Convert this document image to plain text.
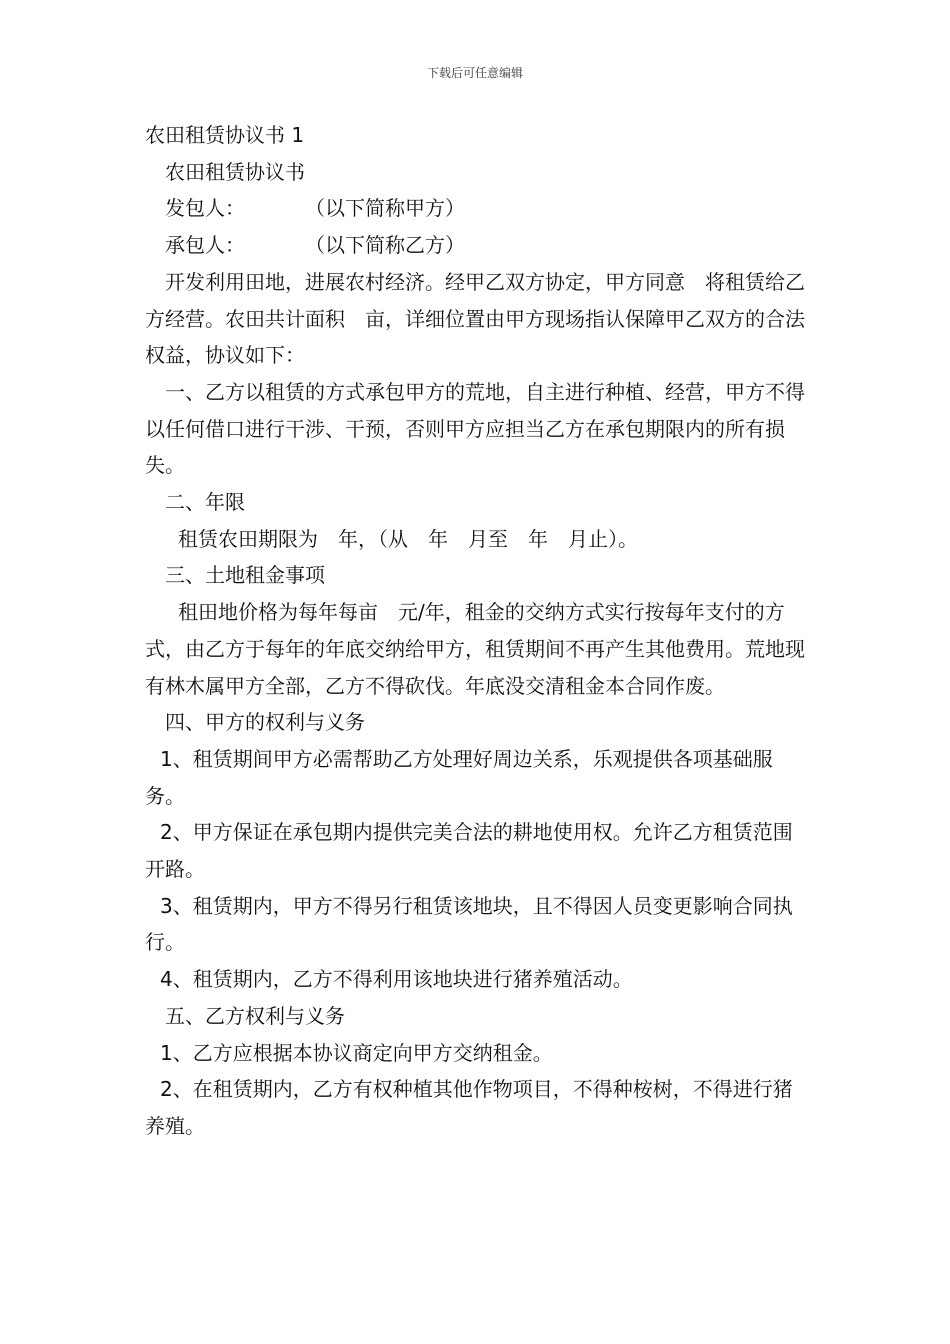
下载后可任意编辑

农田租赁协议书 1

农田租赁协议书

发包人：　　　　（以下简称甲方）

承包人：　　　　（以下简称乙方）

开发利用田地，进展农村经济。经甲乙双方协定，甲方同意　将租赁给乙方经营。农田共计面积　亩，详细位置由甲方现场指认保障甲乙双方的合法权益，协议如下：

一、乙方以租赁的方式承包甲方的荒地，自主进行种植、经营，甲方不得以任何借口进行干涉、干预，否则甲方应担当乙方在承包期限内的所有损失。

二、年限

租赁农田期限为　年，（从　年　月至　年　月止）。

三、土地租金事项

租田地价格为每年每亩　元/年，租金的交纳方式实行按每年支付的方式，由乙方于每年的年底交纳给甲方，租赁期间不再产生其他费用。荒地现有林木属甲方全部，乙方不得砍伐。年底没交清租金本合同作废。

四、甲方的权利与义务

1、租赁期间甲方必需帮助乙方处理好周边关系，乐观提供各项基础服务。

2、甲方保证在承包期内提供完美合法的耕地使用权。允许乙方租赁范围开路。

3、租赁期内，甲方不得另行租赁该地块，且不得因人员变更影响合同执行。

4、租赁期内，乙方不得利用该地块进行猪养殖活动。

五、乙方权利与义务

1、乙方应根据本协议商定向甲方交纳租金。

2、在租赁期内，乙方有权种植其他作物项目，不得种桉树，不得进行猪养殖。
